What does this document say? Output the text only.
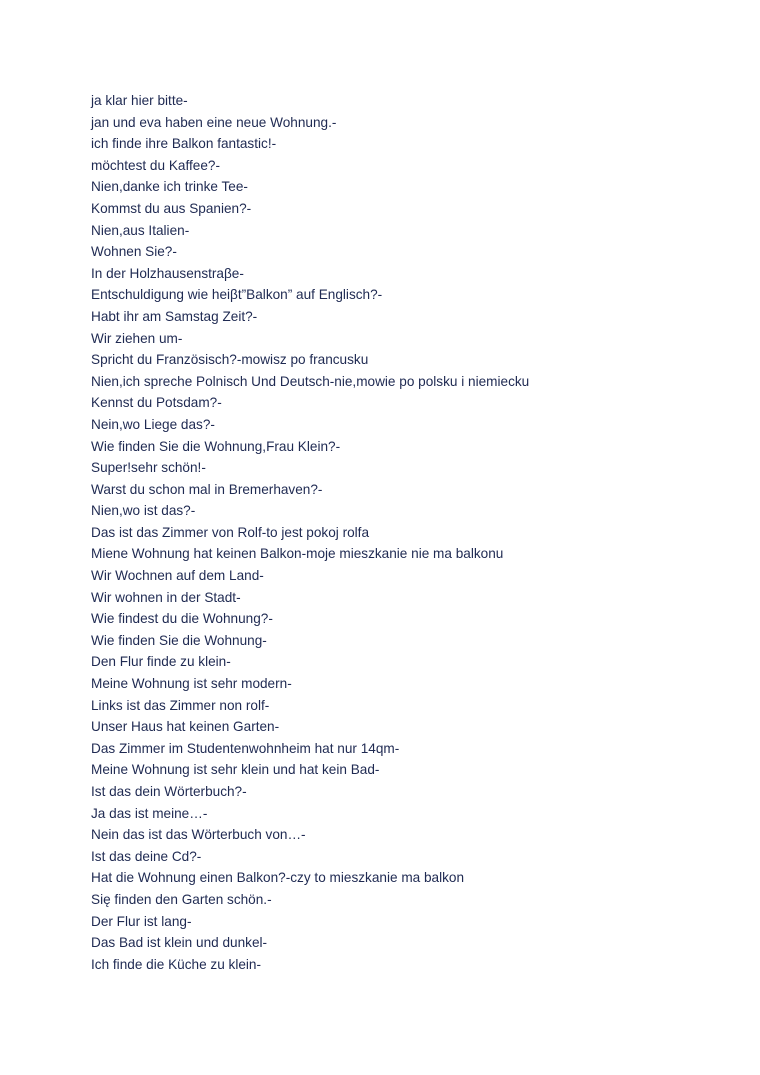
ja klar hier bitte-
jan und eva haben eine neue Wohnung.-
ich finde ihre Balkon fantastic!-
möchtest du Kaffee?-
Nien,danke ich trinke Tee-
Kommst du aus Spanien?-
Nien,aus Italien-
Wohnen Sie?-
In der Holzhausenstraβe-
Entschuldigung wie heiβt”Balkon” auf Englisch?-
Habt ihr am Samstag Zeit?-
Wir ziehen um-
Spricht du Französisch?-mowisz po francusku
Nien,ich spreche Polnisch Und Deutsch-nie,mowie po polsku i niemiecku
Kennst du Potsdam?-
Nein,wo Liege das?-
Wie finden Sie die Wohnung,Frau Klein?-
Super!sehr schön!-
Warst du schon mal in Bremerhaven?-
Nien,wo ist das?-
Das ist das Zimmer von Rolf-to jest pokoj rolfa
Miene Wohnung hat keinen Balkon-moje mieszkanie nie ma balkonu
Wir Wochnen auf dem Land-
Wir wohnen in der Stadt-
Wie findest du die Wohnung?-
Wie finden Sie die Wohnung-
Den Flur finde zu klein-
Meine Wohnung ist sehr modern-
Links ist das Zimmer non rolf-
Unser Haus hat keinen Garten-
Das Zimmer im Studentenwohnheim hat nur 14qm-
Meine Wohnung ist sehr klein und hat kein Bad-
Ist das dein Wörterbuch?-
Ja das ist meine…-
Nein das ist das Wörterbuch von…-
Ist das deine Cd?-
Hat die Wohnung einen Balkon?-czy to mieszkanie ma balkon
Się finden den Garten schön.-
Der Flur ist lang-
Das Bad ist klein und dunkel-
Ich finde die Küche zu klein-
